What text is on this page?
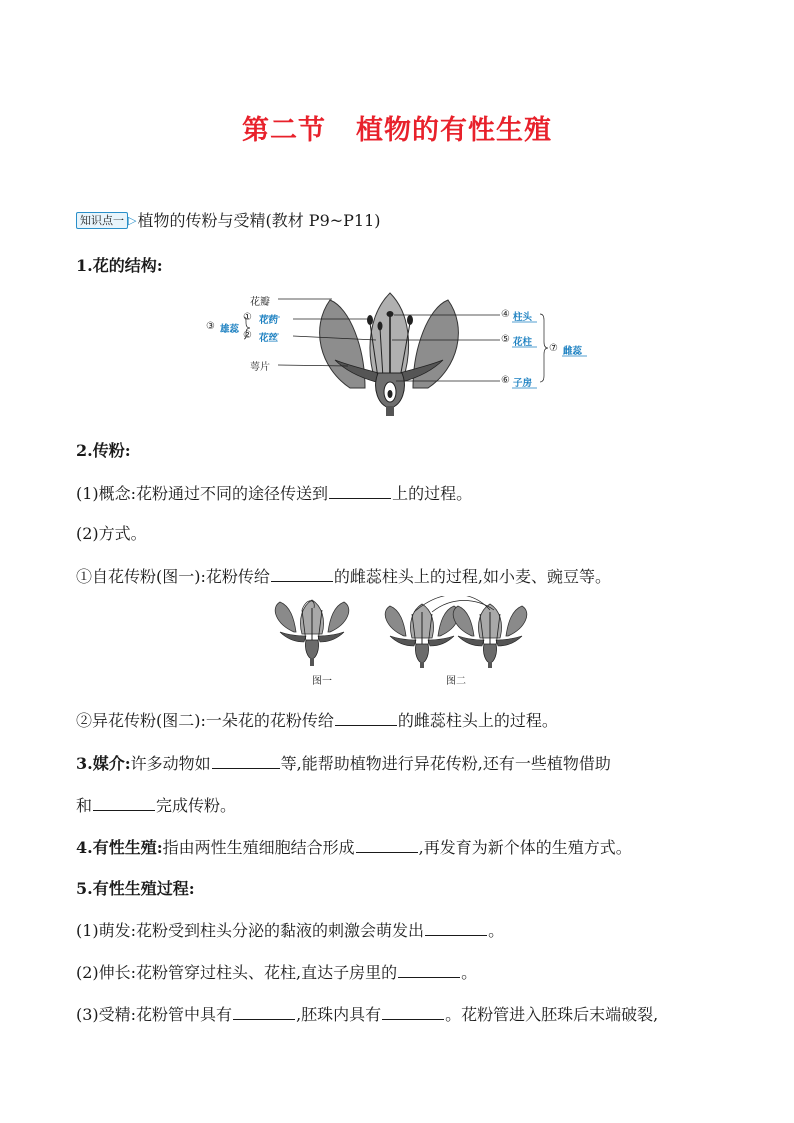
第二节 植物的有性生殖
知识点一 ▷植物的传粉与受精(教材 P9~P11)
1.花的结构:
花瓣
① 花药
② 花丝
③ 雄蕊
萼片
④ 柱头
⑤ 花柱
⑥ 子房
⑦ 雌蕊
2.传粉:
(1)概念:花粉通过不同的途径传送到	上的过程。
(2)方式。
①自花传粉(图一):花粉传给	的雌蕊柱头上的过程,如小麦、豌豆等。
图一	图二
②异花传粉(图二):一朵花的花粉传给	的雌蕊柱头上的过程。
3.媒介:许多动物如	等,能帮助植物进行异花传粉,还有一些植物借助
和	完成传粉。
4.有性生殖:指由两性生殖细胞结合形成	,再发育为新个体的生殖方式。
5.有性生殖过程:
(1)萌发:花粉受到柱头分泌的黏液的刺激会萌发出	。
(2)伸长:花粉管穿过柱头、花柱,直达子房里的	。
(3)受精:花粉管中具有	,胚珠内具有	。花粉管进入胚珠后末端破裂,
